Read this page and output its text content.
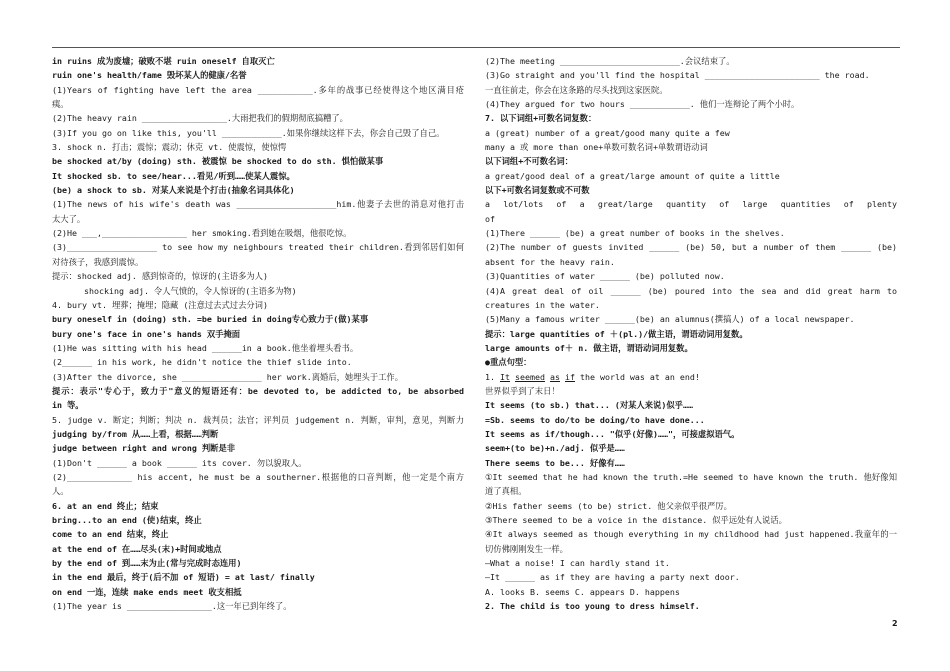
in ruins 成为废墟；破败不堪 ruin oneself 自取灭亡
ruin one's health/fame 毁坏某人的健康/名誉
(1)Years of fighting have left the area ___________.多年的战事已经使得这个地区满目疮
痍。
(2)The heavy rain _________________.大雨把我们的假期彻底搞糟了。
(3)If you go on like this, you'll ____________.如果你继续这样下去，你会自己毁了自己。
3. shock n. 打击；震惊；震动；休克 vt. 使震惊，使惊愕
be shocked at/by (doing) sth. 被震惊 be shocked to do sth. 惧怕做某事
It shocked sb. to see/hear...看见/听到……使某人震惊。
(be) a shock to sb. 对某人来说是个打击(抽象名词具体化)
(1)The news of his wife's death was ____________________him.他妻子去世的消息对他打击
太大了。
(2)He ___,_________________ her smoking.看到她在吸烟，他很吃惊。
(3)__________________ to see how my neighbours treated their children.看到邻居们如何
对待孩子，我感到震惊。
提示：shocked adj. 感到惊奇的，惊讶的(主语多为人)
shocking adj. 令人气愤的，令人惊讶的(主语多为物)
4. bury vt. 埋葬；掩埋；隐藏 (注意过去式过去分词)
bury oneself in (doing) sth. =be buried in doing专心致力于(做)某事
bury one's face in one's hands 双手掩面
(1)He was sitting with his head ______in a book.他坐着埋头看书。
(2______ in his work, he didn't notice the thief slide into.
(3)After the divorce, she ________________ her work.离婚后，她埋头于工作。
提示：表示"专心于，致力于"意义的短语还有：be devoted to, be addicted to, be absorbed
in 等。
5. judge v. 断定；判断；判决 n. 裁判员；法官；评判员 judgement n. 判断，审判，意见，判断力
judging by/from 从……上看，根据……判断
judge between right and wrong 判断是非
(1)Don't ______ a book ______ its cover. 勿以貌取人。
(2)_____________ his accent, he must be a southerner.根据他的口音判断，他一定是个南方
人。
6. at an end 终止；结束
bring...to an end (使)结束，终止
come to an end 结束，终止
at the end of 在……尽头(末)+时间或地点
by the end of 到……末为止(常与完成时态连用)
in the end 最后，终于(后不加 of 短语) = at last/ finally
on end 一连，连续 make ends meet 收支相抵
(1)The year is _________________.这一年已到年终了。
(2)The meeting ________________________.会议结束了。
(3)Go straight and you'll find the hospital _______________________ the road.
一直往前走，你会在这条路的尽头找到这家医院。
(4)They argued for two hours ____________. 他们一连辩论了两个小时。
7. 以下词组+可数名词复数：
a (great) number of a great/good many quite a few
many a 或 more than one+单数可数名词+单数谓语动词
以下词组+不可数名词：
a great/good deal of a great/large amount of quite a little
以下+可数名词复数或不可数
a lot/lots of a great/large quantity of large quantities of plenty
of
(1)There ______ (be) a great number of books in the shelves.
(2)The number of guests invited ______ (be) 50, but a number of them ______ (be)
absent for the heavy rain.
(3)Quantities of water ______ (be) polluted now.
(4)A great deal of oil ______ (be) poured into the sea and did great harm to
creatures in the water.
(5)Many a famous writer ______(be) an alumnus(撰搞人) of a local newspaper.
提示：large quantities of ＋(pl.)/做主语，谓语动词用复数。
large amounts of＋ n. 做主语，谓语动词用复数。
●重点句型：
1. It seemed as if the world was at an end!
世界似乎到了末日！
It seems (to sb.) that... (对某人来说)似乎……
=Sb. seems to do/to be doing/to have done...
It seems as if/though... "似乎(好像)……"，可接虚拟语气。
seem+(to be)+n./adj. 似乎是……
There seems to be... 好像有……
①It seemed that he had known the truth.=He seemed to have known the truth. 他好像知
道了真相。
②His father seems (to be) strict. 他父亲似乎很严厉。
③There seemed to be a voice in the distance. 似乎远处有人说话。
④It always seemed as though everything in my childhood had just happened.我童年的一
切仿佛刚刚发生一样。
—What a noise! I can hardly stand it.
—It ______ as if they are having a party next door.
A. looks B. seems C. appears D. happens
2. The child is too young to dress himself.
2
